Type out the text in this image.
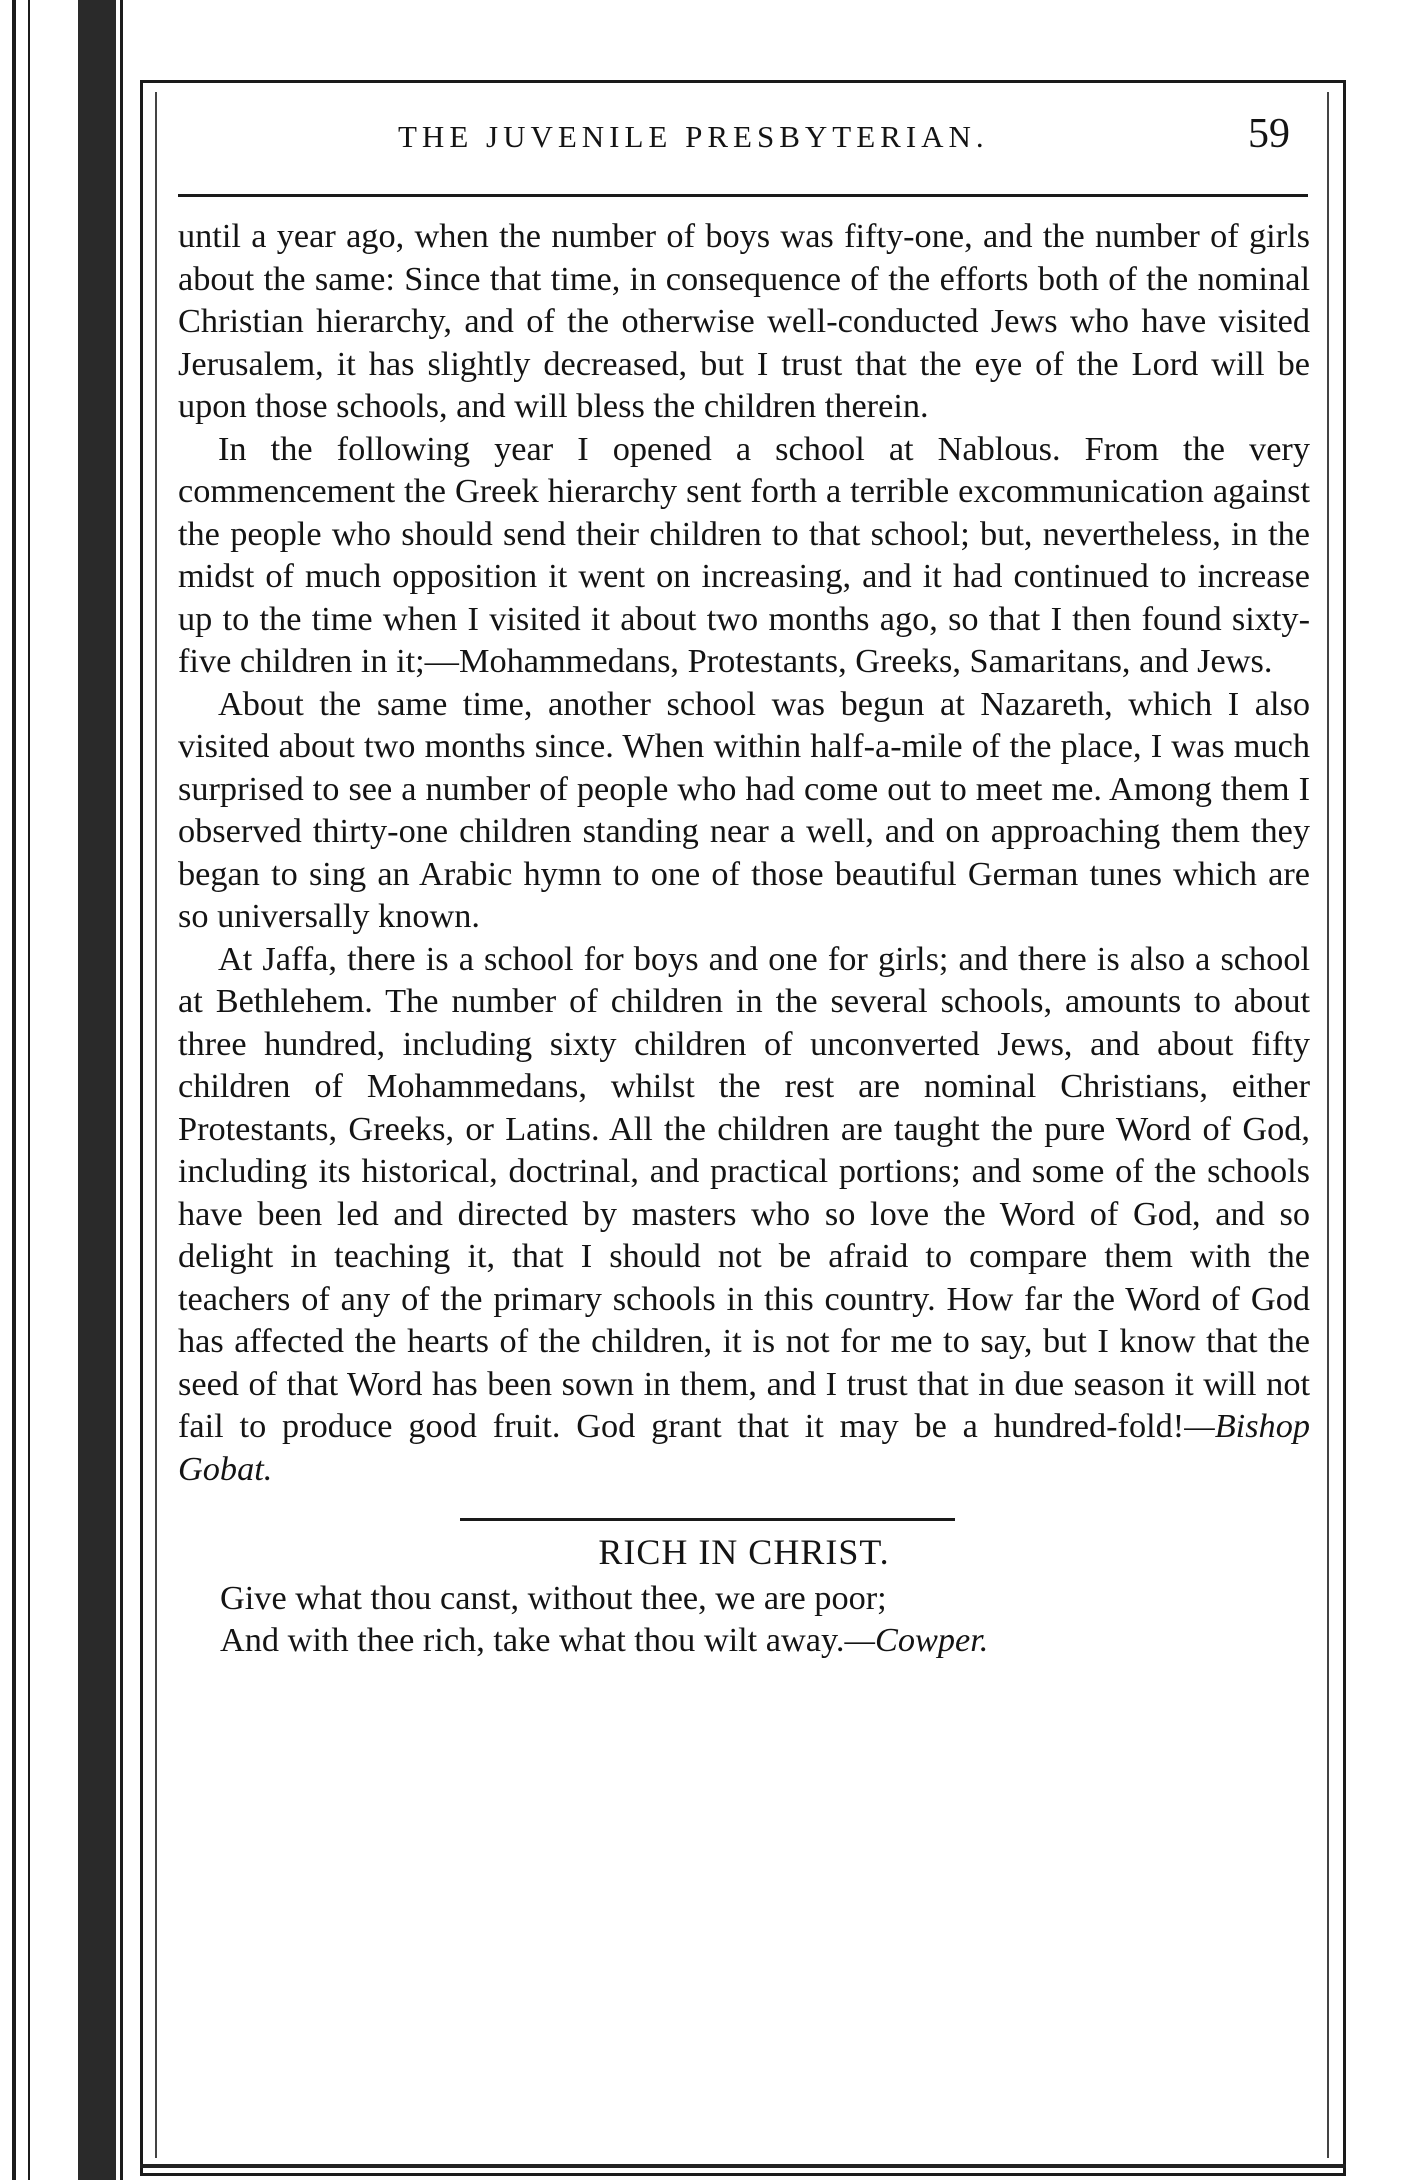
THE JUVENILE PRESBYTERIAN.	59

until a year ago, when the number of boys was fifty-one, and the number of girls about the same: Since that time, in consequence of the efforts both of the nominal Christian hierarchy, and of the otherwise well-conducted Jews who have visited Jerusalem, it has slightly decreased, but I trust that the eye of the Lord will be upon those schools, and will bless the children therein.

In the following year I opened a school at Nablous. From the very commencement the Greek hierarchy sent forth a terrible excommunication against the people who should send their children to that school; but, nevertheless, in the midst of much opposition it went on increasing, and it had continued to increase up to the time when I visited it about two months ago, so that I then found sixty-five children in it;—Mohammedans, Protestants, Greeks, Samaritans, and Jews.

About the same time, another school was begun at Nazareth, which I also visited about two months since. When within half-a-mile of the place, I was much surprised to see a number of people who had come out to meet me. Among them I observed thirty-one children standing near a well, and on approaching them they began to sing an Arabic hymn to one of those beautiful German tunes which are so universally known.

At Jaffa, there is a school for boys and one for girls; and there is also a school at Bethlehem. The number of children in the several schools, amounts to about three hundred, including sixty children of unconverted Jews, and about fifty children of Mohammedans, whilst the rest are nominal Christians, either Protestants, Greeks, or Latins. All the children are taught the pure Word of God, including its historical, doctrinal, and practical portions; and some of the schools have been led and directed by masters who so love the Word of God, and so delight in teaching it, that I should not be afraid to compare them with the teachers of any of the primary schools in this country. How far the Word of God has affected the hearts of the children, it is not for me to say, but I know that the seed of that Word has been sown in them, and I trust that in due season it will not fail to produce good fruit. God grant that it may be a hundred-fold!—Bishop Gobat.

RICH IN CHRIST.
Give what thou canst, without thee, we are poor;
And with thee rich, take what thou wilt away.—Cowper.
